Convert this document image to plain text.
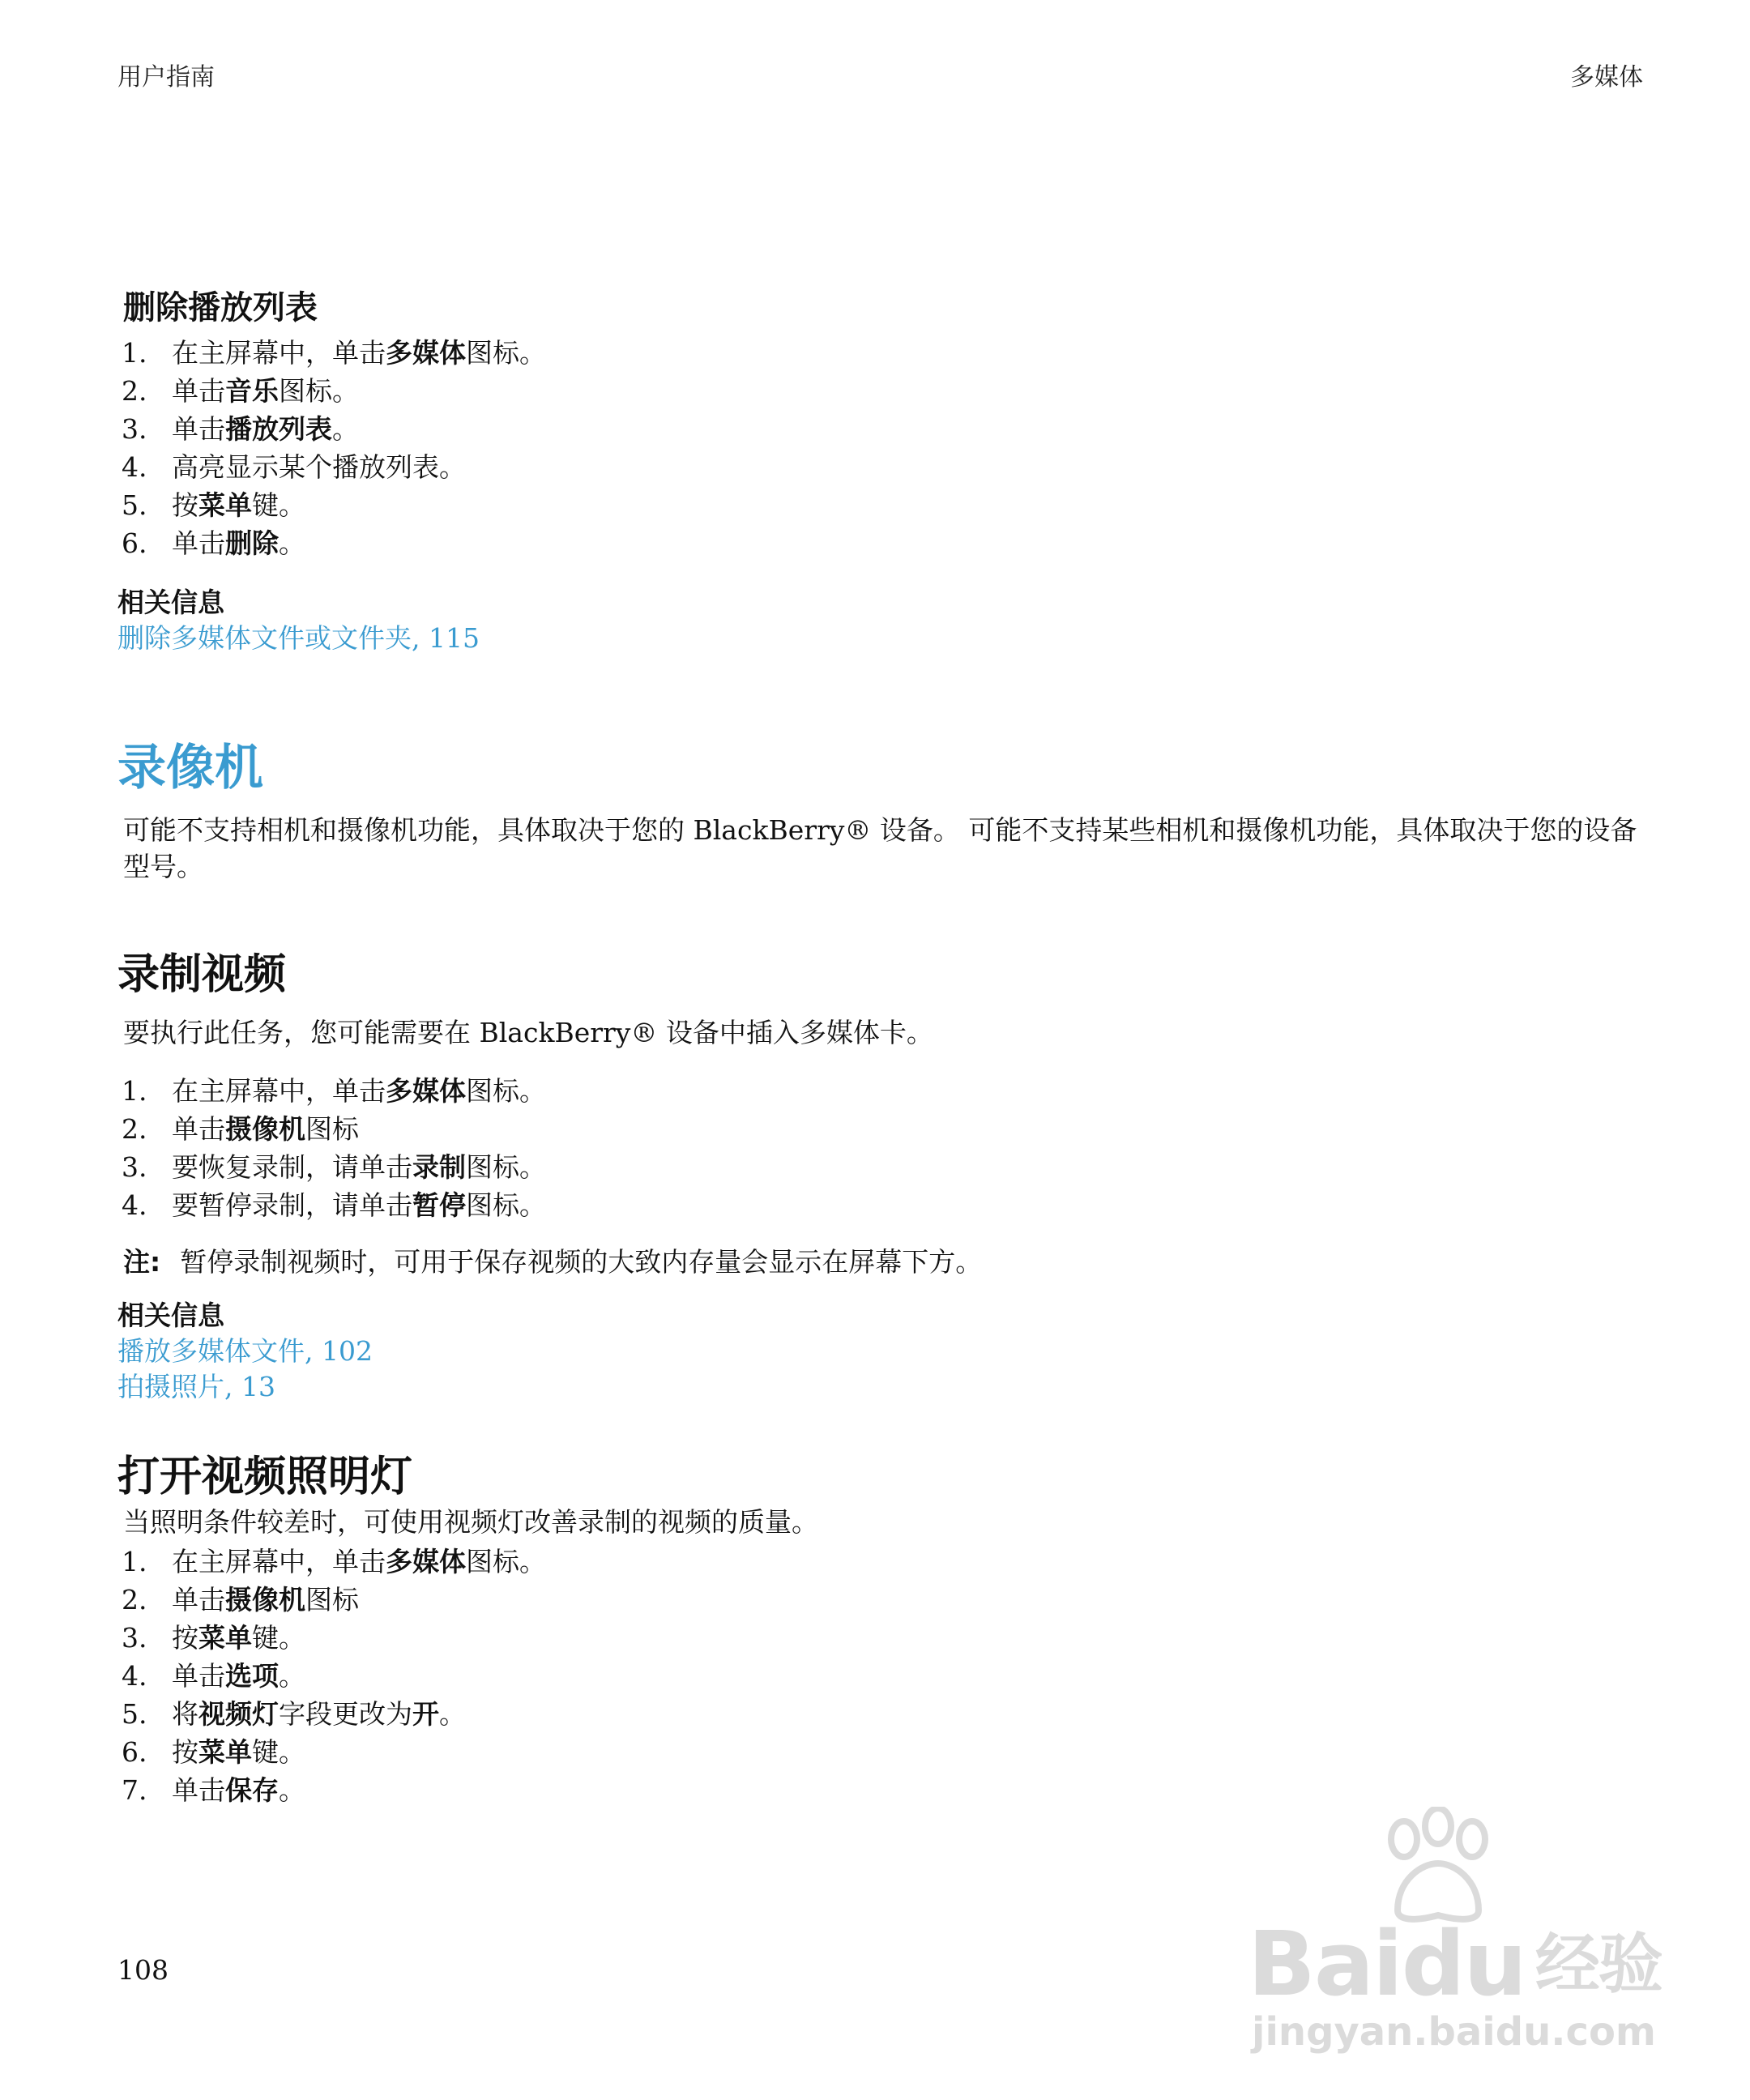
用户指南	多媒体
删除播放列表
1. 在主屏幕中，单击多媒体图标。
2. 单击音乐图标。
3. 单击播放列表。
4. 高亮显示某个播放列表。
5. 按菜单键。
6. 单击删除。
相关信息
删除多媒体文件或文件夹, 115
录像机
可能不支持相机和摄像机功能，具体取决于您的 BlackBerry® 设备。 可能不支持某些相机和摄像机功能，具体取决于您的设备型号。
录制视频
要执行此任务，您可能需要在 BlackBerry® 设备中插入多媒体卡。
1. 在主屏幕中，单击多媒体图标。
2. 单击摄像机图标
3. 要恢复录制，请单击录制图标。
4. 要暂停录制，请单击暂停图标。
注: 暂停录制视频时，可用于保存视频的大致内存量会显示在屏幕下方。
相关信息
播放多媒体文件, 102
拍摄照片, 13
打开视频照明灯
当照明条件较差时，可使用视频灯改善录制的视频的质量。
1. 在主屏幕中，单击多媒体图标。
2. 单击摄像机图标
3. 按菜单键。
4. 单击选项。
5. 将视频灯字段更改为开。
6. 按菜单键。
7. 单击保存。
108	Baidu 经验
jingyan.baidu.com
